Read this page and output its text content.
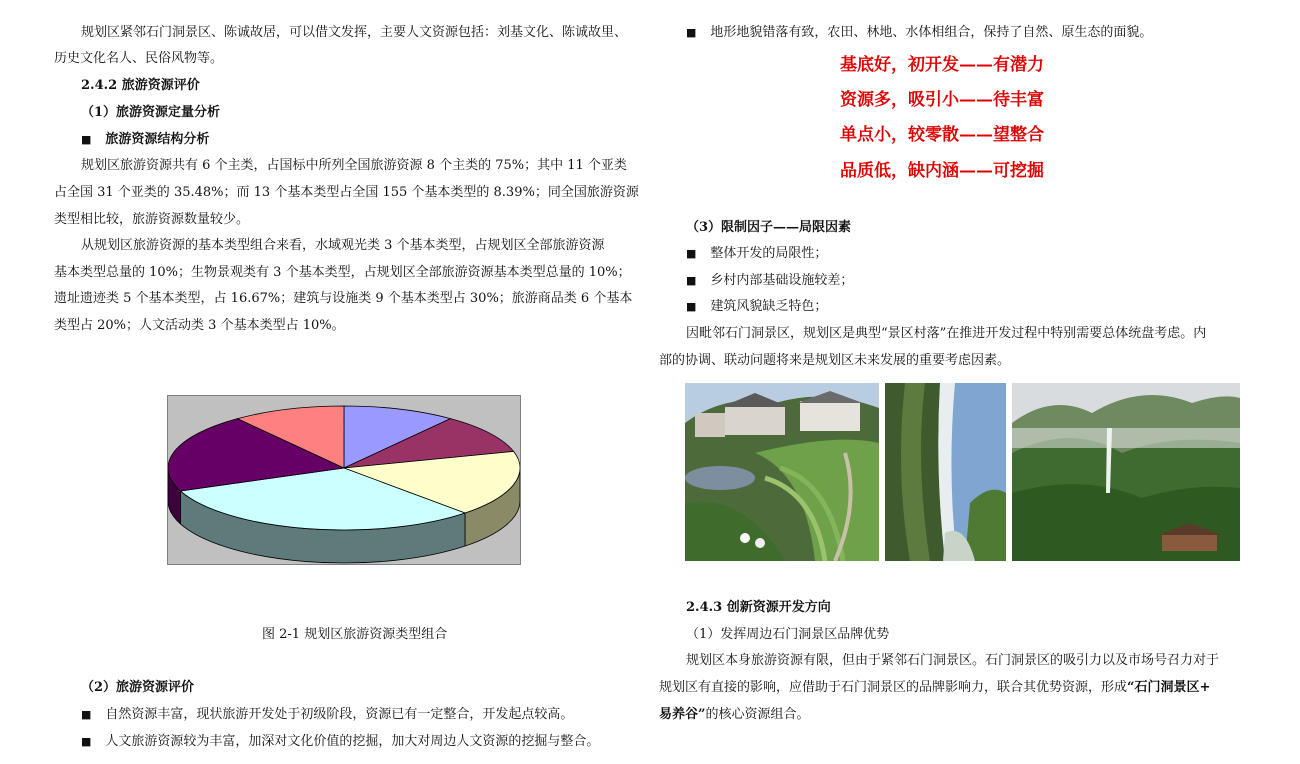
规划区紧邻石门洞景区、陈诚故居，可以借文发挥，主要人文资源包括：刘基文化、陈诚故里、
历史文化名人、民俗风物等。
2.4.2 旅游资源评价
（1）旅游资源定量分析
■ 旅游资源结构分析
规划区旅游资源共有 6 个主类，占国标中所列全国旅游资源 8 个主类的 75%；其中 11 个亚类
占全国 31 个亚类的 35.48%；而 13 个基本类型占全国 155 个基本类型的 8.39%；同全国旅游资源
类型相比较，旅游资源数量较少。
从规划区旅游资源的基本类型组合来看，水域观光类 3 个基本类型，占规划区全部旅游资源
基本类型总量的 10%；生物景观类有 3 个基本类型，占规划区全部旅游资源基本类型总量的 10%；
遗址遗迹类 5 个基本类型，占 16.67%；建筑与设施类 9 个基本类型占 30%；旅游商品类 6 个基本
类型占 20%；人文活动类 3 个基本类型占 10%。
图 2-1 规划区旅游资源类型组合
（2）旅游资源评价
■ 自然资源丰富，现状旅游开发处于初级阶段，资源已有一定整合，开发起点较高。
■ 人文旅游资源较为丰富，加深对文化价值的挖掘，加大对周边人文资源的挖掘与整合。
■ 地形地貌错落有致，农田、林地、水体相组合，保持了自然、原生态的面貌。
基底好，初开发——有潜力
资源多，吸引小——待丰富
单点小，较零散——望整合
品质低，缺内涵——可挖掘
（3）限制因子——局限因素
■ 整体开发的局限性；
■ 乡村内部基础设施较差；
■ 建筑风貌缺乏特色；
因毗邻石门洞景区，规划区是典型“景区村落”在推进开发过程中特别需要总体统盘考虑。内
部的协调、联动问题将来是规划区未来发展的重要考虑因素。
2.4.3 创新资源开发方向
（1）发挥周边石门洞景区品牌优势
规划区本身旅游资源有限，但由于紧邻石门洞景区。石门洞景区的吸引力以及市场号召力对于
规划区有直接的影响，应借助于石门洞景区的品牌影响力，联合其优势资源，形成“石门洞景区+
易养谷”的核心资源组合。
